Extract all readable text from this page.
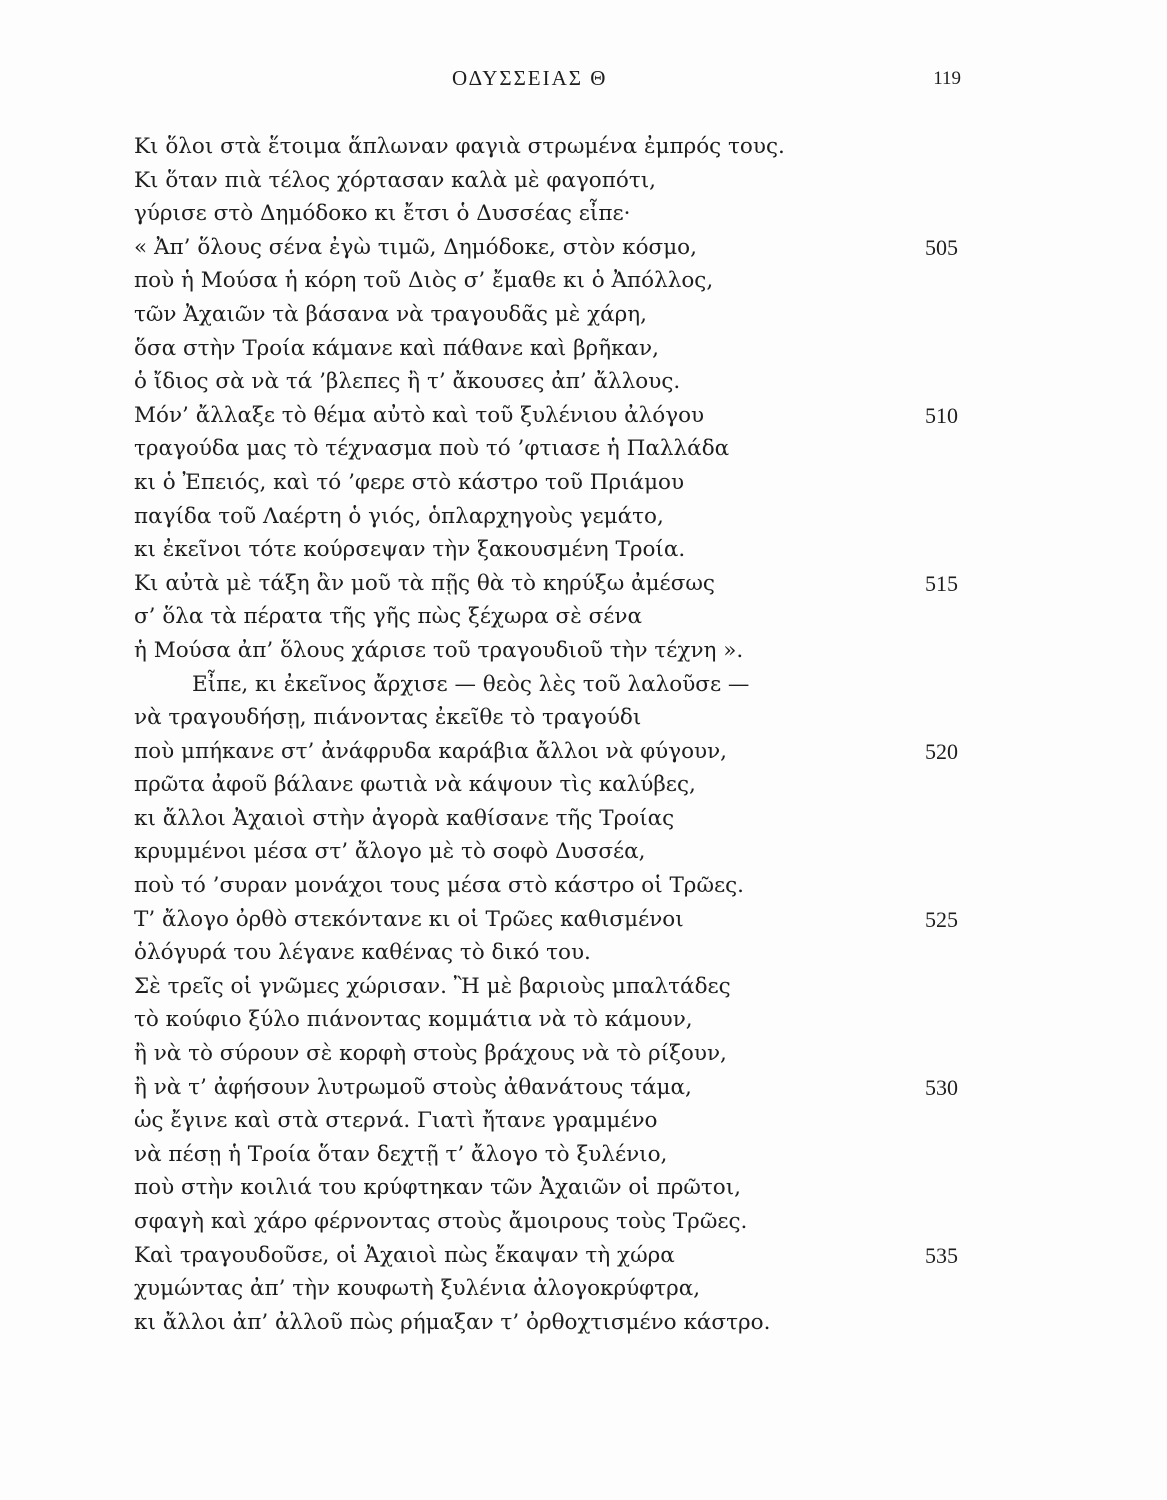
ΟΔΥΣΣΕΙΑΣ Θ	119
Κι ὅλοι στὰ ἕτοιμα ἅπλωναν φαγιὰ στρωμένα ἐμπρός τους.
Κι ὅταν πιὰ τέλος χόρτασαν καλὰ μὲ φαγοπότι,
γύρισε στὸ Δημόδοκο κι ἔτσι ὁ Δυσσέας εἶπε·
« Ἀπ’ ὅλους σένα ἐγὼ τιμῶ, Δημόδοκε, στὸν κόσμο,	505
ποὺ ἡ Μούσα ἡ κόρη τοῦ Διὸς σ’ ἔμαθε κι ὁ Ἀπόλλος,
τῶν Ἀχαιῶν τὰ βάσανα νὰ τραγουδᾶς μὲ χάρη,
ὅσα στὴν Τροία κάμανε καὶ πάθανε καὶ βρῆκαν,
ὁ ἴδιος σὰ νὰ τά ’βλεπες ἢ τ’ ἄκουσες ἀπ’ ἄλλους.
Μόν’ ἄλλαξε τὸ θέμα αὐτὸ καὶ τοῦ ξυλένιου ἀλόγου	510
τραγούδα μας τὸ τέχνασμα ποὺ τό ’φτιασε ἡ Παλλάδα
κι ὁ Ἐπειός, καὶ τό ’φερε στὸ κάστρο τοῦ Πριάμου
παγίδα τοῦ Λαέρτη ὁ γιός, ὁπλαρχηγοὺς γεμάτο,
κι ἐκεῖνοι τότε κούρσεψαν τὴν ξακουσμένη Τροία.
Κι αὐτὰ μὲ τάξη ἂν μοῦ τὰ πῇς θὰ τὸ κηρύξω ἀμέσως	515
σ’ ὅλα τὰ πέρατα τῆς γῆς πὼς ξέχωρα σὲ σένα
ἡ Μούσα ἀπ’ ὅλους χάρισε τοῦ τραγουδιοῦ τὴν τέχνη ».
Εἶπε, κι ἐκεῖνος ἄρχισε — θεὸς λὲς τοῦ λαλοῦσε —
νὰ τραγουδήσῃ, πιάνοντας ἐκεῖθε τὸ τραγούδι
ποὺ μπήκανε στ’ ἀνάφρυδα καράβια ἄλλοι νὰ φύγουν,	520
πρῶτα ἀφοῦ βάλανε φωτιὰ νὰ κάψουν τὶς καλύβες,
κι ἄλλοι Ἀχαιοὶ στὴν ἀγορὰ καθίσανε τῆς Τροίας
κρυμμένοι μέσα στ’ ἄλογο μὲ τὸ σοφὸ Δυσσέα,
ποὺ τό ’συραν μονάχοι τους μέσα στὸ κάστρο οἱ Τρῶες.
Τ’ ἄλογο ὀρθὸ στεκόντανε κι οἱ Τρῶες καθισμένοι	525
ὁλόγυρά του λέγανε καθένας τὸ δικό του.
Σὲ τρεῖς οἱ γνῶμες χώρισαν. Ἢ μὲ βαριοὺς μπαλτάδες
τὸ κούφιο ξύλο πιάνοντας κομμάτια νὰ τὸ κάμουν,
ἢ νὰ τὸ σύρουν σὲ κορφὴ στοὺς βράχους νὰ τὸ ρίξουν,
ἢ νὰ τ’ ἀφήσουν λυτρωμοῦ στοὺς ἀθανάτους τάμα,	530
ὡς ἔγινε καὶ στὰ στερνά. Γιατὶ ἤτανε γραμμένο
νὰ πέσῃ ἡ Τροία ὅταν δεχτῇ τ’ ἄλογο τὸ ξυλένιο,
ποὺ στὴν κοιλιά του κρύφτηκαν τῶν Ἀχαιῶν οἱ πρῶτοι,
σφαγὴ καὶ χάρο φέρνοντας στοὺς ἄμοιρους τοὺς Τρῶες.
Καὶ τραγουδοῦσε, οἱ Ἀχαιοὶ πὼς ἔκαψαν τὴ χώρα	535
χυμώντας ἀπ’ τὴν κουφωτὴ ξυλένια ἀλογοκρύφτρα,
κι ἄλλοι ἀπ’ ἀλλοῦ πὼς ρήμαξαν τ’ ὀρθοχτισμένο κάστρο.
